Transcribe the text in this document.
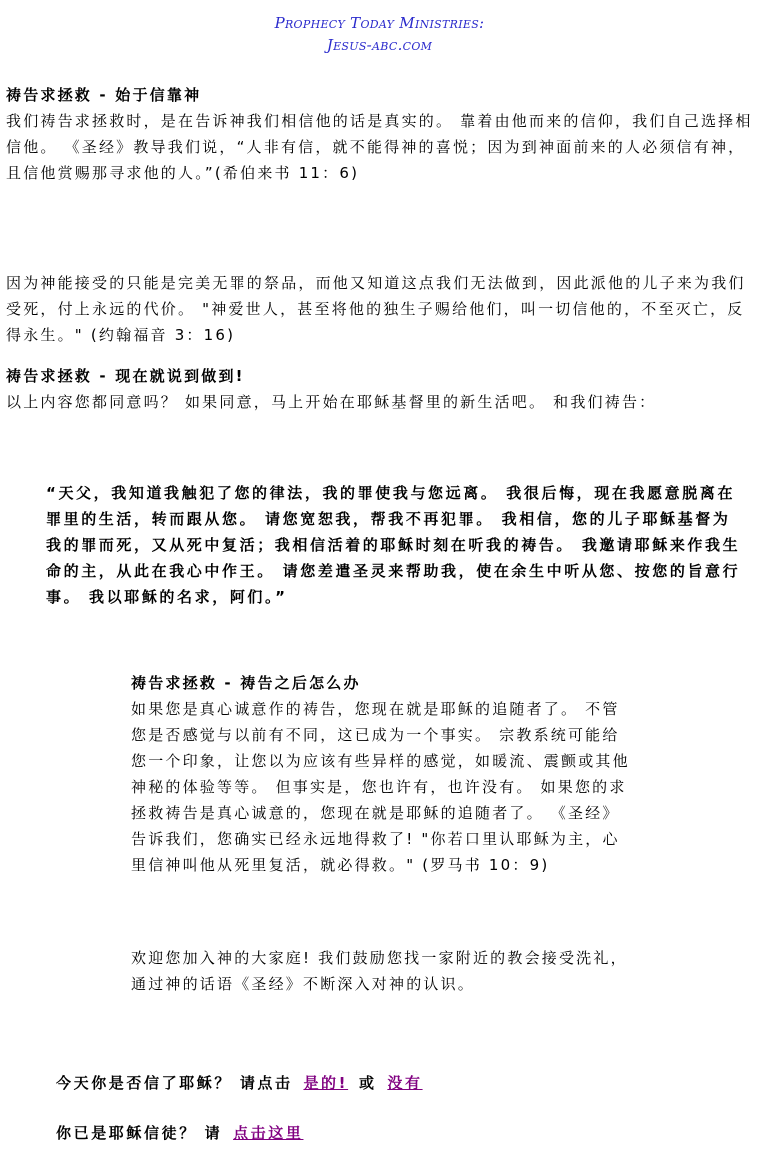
Prophecy Today Ministries:
Jesus-abc.com
祷告求拯救 - 始于信靠神
我们祷告求拯救时，是在告诉神我们相信他的话是真实的。 靠着由他而来的信仰，我们自己选择相信他。 《圣经》教导我们说，“人非有信，就不能得神的喜悦；因为到神面前来的人必须信有神，且信他赏赐那寻求他的人。”(希伯来书 11：6)
因为神能接受的只能是完美无罪的祭品，而他又知道这点我们无法做到，因此派他的儿子来为我们受死，付上永远的代价。 "神爱世人，甚至将他的独生子赐给他们，叫一切信他的，不至灭亡，反得永生。" (约翰福音 3：16)
祷告求拯救 - 现在就说到做到!
以上内容您都同意吗？ 如果同意，马上开始在耶稣基督里的新生活吧。 和我们祷告：
“天父，我知道我触犯了您的律法，我的罪使我与您远离。 我很后悔，现在我愿意脱离在罪里的生活，转而跟从您。 请您宽恕我，帮我不再犯罪。 我相信，您的儿子耶稣基督为我的罪而死，又从死中复活；我相信活着的耶稣时刻在听我的祷告。 我邀请耶稣来作我生命的主，从此在我心中作王。 请您差遣圣灵来帮助我，使在余生中听从您、按您的旨意行事。 我以耶稣的名求，阿们。”
祷告求拯救 - 祷告之后怎么办
如果您是真心诚意作的祷告，您现在就是耶稣的追随者了。 不管您是否感觉与以前有不同，这已成为一个事实。 宗教系统可能给您一个印象，让您以为应该有些异样的感觉，如暖流、震颤或其他神秘的体验等等。 但事实是，您也许有，也许没有。 如果您的求拯救祷告是真心诚意的，您现在就是耶稣的追随者了。 《圣经》告诉我们，您确实已经永远地得救了! "你若口里认耶稣为主，心里信神叫他从死里复活，就必得救。" (罗马书 10：9)
欢迎您加入神的大家庭! 我们鼓励您找一家附近的教会接受洗礼，通过神的话语《圣经》不断深入对神的认识。
今天你是否信了耶稣？ 请点击 是的! 或 没有
你已是耶稣信徒？ 请 点击这里
